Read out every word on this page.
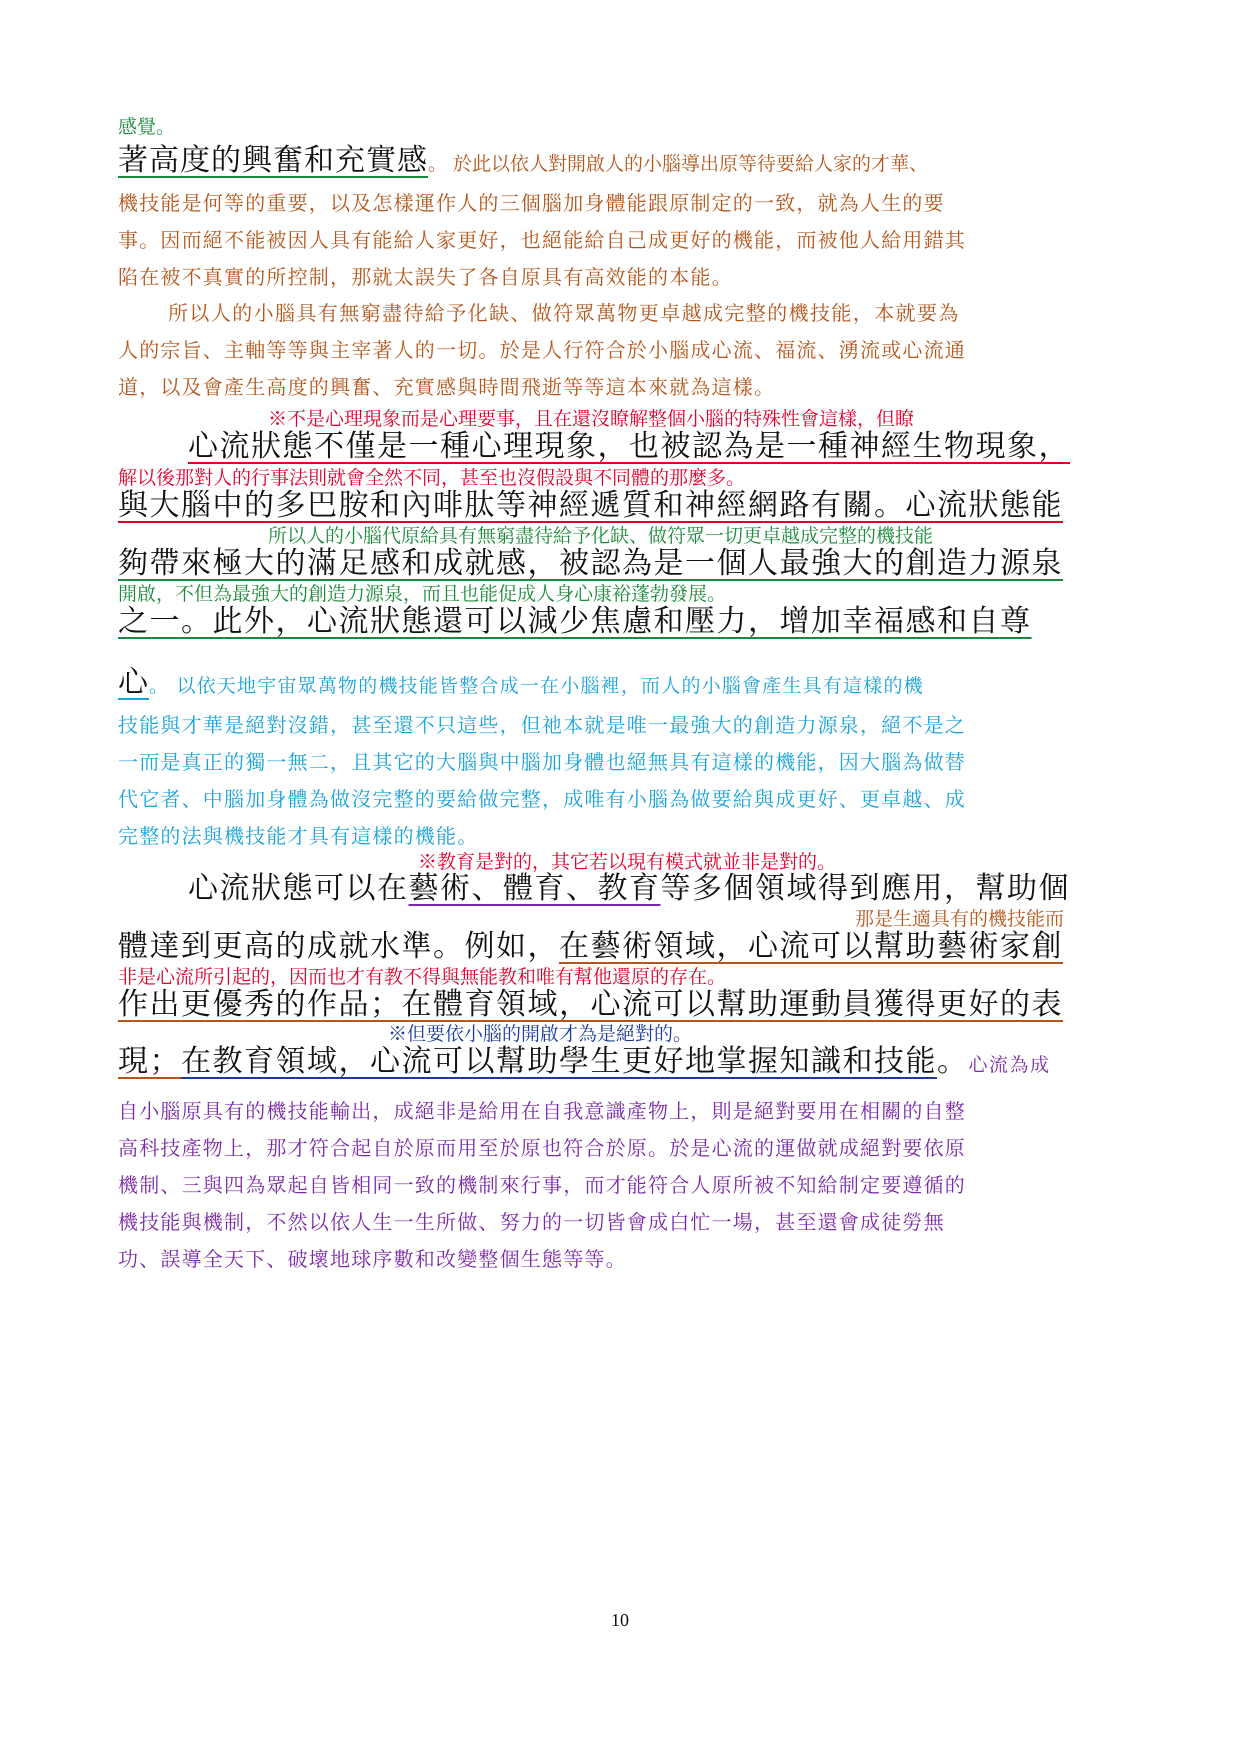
感覺。
著高度的興奮和充實感。 於此以依人對開啟人的小腦導出原等待要給人家的才華、
機技能是何等的重要，以及怎樣運作人的三個腦加身體能跟原制定的一致，就為人生的要
事。因而絕不能被因人具有能給人家更好，也絕能給自己成更好的機能，而被他人給用錯其
陷在被不真實的所控制，那就太誤失了各自原具有高效能的本能。
所以人的小腦具有無窮盡待給予化缺、做符眾萬物更卓越成完整的機技能，本就要為
人的宗旨、主軸等等與主宰著人的一切。於是人行符合於小腦成心流、福流、湧流或心流通
道，以及會產生高度的興奮、充實感與時間飛逝等等這本來就為這樣。
※不是心理現象而是心理要事，且在還沒瞭解整個小腦的特殊性會這樣，但瞭
心流狀態不僅是一種心理現象，也被認為是一種神經生物現象，
解以後那對人的行事法則就會全然不同，甚至也沒假設與不同體的那麼多。
與大腦中的多巴胺和內啡肽等神經遞質和神經網路有關。心流狀態能
所以人的小腦代原給具有無窮盡待給予化缺、做符眾一切更卓越成完整的機技能
夠帶來極大的滿足感和成就感，被認為是一個人最強大的創造力源泉
開啟，不但為最強大的創造力源泉，而且也能促成人身心康裕蓬勃發展。
之一。此外，心流狀態還可以減少焦慮和壓力，增加幸福感和自尊
心。 以依天地宇宙眾萬物的機技能皆整合成一在小腦裡，而人的小腦會產生具有這樣的機
技能與才華是絕對沒錯，甚至還不只這些，但祂本就是唯一最強大的創造力源泉，絕不是之
一而是真正的獨一無二，且其它的大腦與中腦加身體也絕無具有這樣的機能，因大腦為做替
代它者、中腦加身體為做沒完整的要給做完整，成唯有小腦為做要給與成更好、更卓越、成
完整的法與機技能才具有這樣的機能。
※教育是對的，其它若以現有模式就並非是對的。
心流狀態可以在藝術、體育、教育等多個領域得到應用，幫助個
那是生適具有的機技能而
體達到更高的成就水準。例如，在藝術領域，心流可以幫助藝術家創
非是心流所引起的，因而也才有教不得與無能教和唯有幫他還原的存在。
作出更優秀的作品；在體育領域，心流可以幫助運動員獲得更好的表
※但要依小腦的開啟才為是絕對的。
現；在教育領域，心流可以幫助學生更好地掌握知識和技能。心流為成
自小腦原具有的機技能輸出，成絕非是給用在自我意識產物上，則是絕對要用在相關的自整
高科技產物上，那才符合起自於原而用至於原也符合於原。於是心流的運做就成絕對要依原
機制、三與四為眾起自皆相同一致的機制來行事，而才能符合人原所被不知給制定要遵循的
機技能與機制，不然以依人生一生所做、努力的一切皆會成白忙一場，甚至還會成徒勞無
功、誤導全天下、破壞地球序數和改變整個生態等等。
10
